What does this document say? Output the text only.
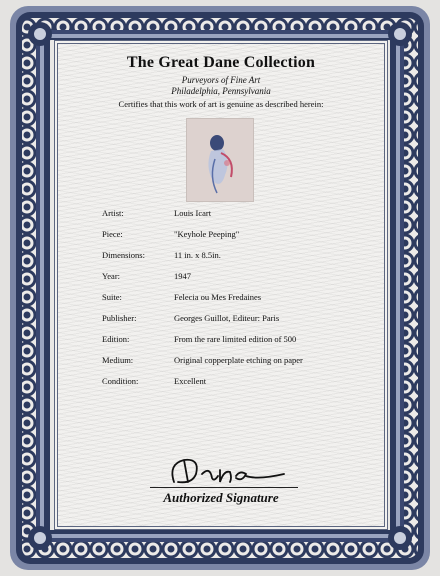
The Great Dane Collection
Purveyors of Fine Art
Philadelphia, Pennsylvania
Certifies that this work of art is genuine as described herein:
Artist:	Louis Icart
Piece:	"Keyhole Peeping"
Dimensions:	11 in. x 8.5in.
Year:	1947
Suite:	Felecia ou Mes Fredaines
Publisher:	Georges Guillot, Editeur: Paris
Edition:	From the rare limited edition of 500
Medium:	Original copperplate etching on paper
Condition:	Excellent
Authorized Signature
